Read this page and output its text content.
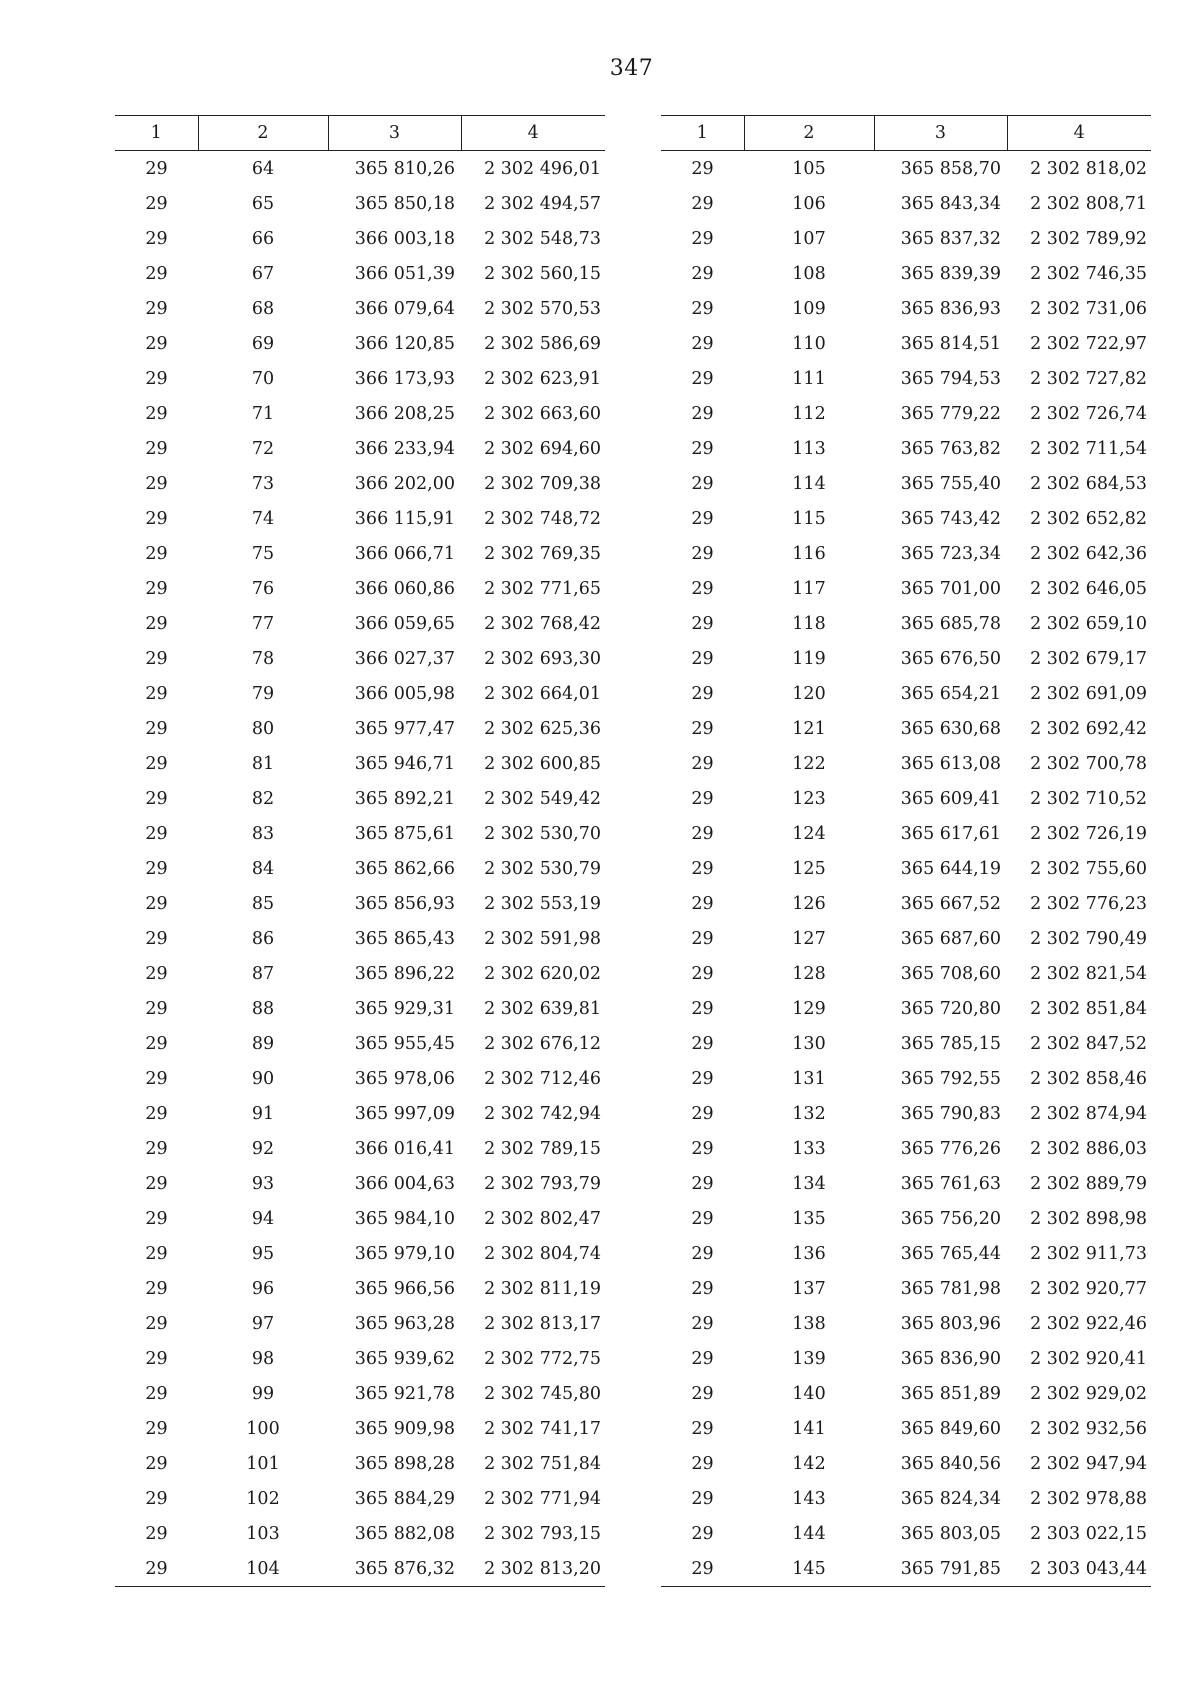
347
1	2	3	4
29	64	365 810,26	2 302 496,01
29	65	365 850,18	2 302 494,57
29	66	366 003,18	2 302 548,73
29	67	366 051,39	2 302 560,15
29	68	366 079,64	2 302 570,53
29	69	366 120,85	2 302 586,69
29	70	366 173,93	2 302 623,91
29	71	366 208,25	2 302 663,60
29	72	366 233,94	2 302 694,60
29	73	366 202,00	2 302 709,38
29	74	366 115,91	2 302 748,72
29	75	366 066,71	2 302 769,35
29	76	366 060,86	2 302 771,65
29	77	366 059,65	2 302 768,42
29	78	366 027,37	2 302 693,30
29	79	366 005,98	2 302 664,01
29	80	365 977,47	2 302 625,36
29	81	365 946,71	2 302 600,85
29	82	365 892,21	2 302 549,42
29	83	365 875,61	2 302 530,70
29	84	365 862,66	2 302 530,79
29	85	365 856,93	2 302 553,19
29	86	365 865,43	2 302 591,98
29	87	365 896,22	2 302 620,02
29	88	365 929,31	2 302 639,81
29	89	365 955,45	2 302 676,12
29	90	365 978,06	2 302 712,46
29	91	365 997,09	2 302 742,94
29	92	366 016,41	2 302 789,15
29	93	366 004,63	2 302 793,79
29	94	365 984,10	2 302 802,47
29	95	365 979,10	2 302 804,74
29	96	365 966,56	2 302 811,19
29	97	365 963,28	2 302 813,17
29	98	365 939,62	2 302 772,75
29	99	365 921,78	2 302 745,80
29	100	365 909,98	2 302 741,17
29	101	365 898,28	2 302 751,84
29	102	365 884,29	2 302 771,94
29	103	365 882,08	2 302 793,15
29	104	365 876,32	2 302 813,20
1	2	3	4
29	105	365 858,70	2 302 818,02
29	106	365 843,34	2 302 808,71
29	107	365 837,32	2 302 789,92
29	108	365 839,39	2 302 746,35
29	109	365 836,93	2 302 731,06
29	110	365 814,51	2 302 722,97
29	111	365 794,53	2 302 727,82
29	112	365 779,22	2 302 726,74
29	113	365 763,82	2 302 711,54
29	114	365 755,40	2 302 684,53
29	115	365 743,42	2 302 652,82
29	116	365 723,34	2 302 642,36
29	117	365 701,00	2 302 646,05
29	118	365 685,78	2 302 659,10
29	119	365 676,50	2 302 679,17
29	120	365 654,21	2 302 691,09
29	121	365 630,68	2 302 692,42
29	122	365 613,08	2 302 700,78
29	123	365 609,41	2 302 710,52
29	124	365 617,61	2 302 726,19
29	125	365 644,19	2 302 755,60
29	126	365 667,52	2 302 776,23
29	127	365 687,60	2 302 790,49
29	128	365 708,60	2 302 821,54
29	129	365 720,80	2 302 851,84
29	130	365 785,15	2 302 847,52
29	131	365 792,55	2 302 858,46
29	132	365 790,83	2 302 874,94
29	133	365 776,26	2 302 886,03
29	134	365 761,63	2 302 889,79
29	135	365 756,20	2 302 898,98
29	136	365 765,44	2 302 911,73
29	137	365 781,98	2 302 920,77
29	138	365 803,96	2 302 922,46
29	139	365 836,90	2 302 920,41
29	140	365 851,89	2 302 929,02
29	141	365 849,60	2 302 932,56
29	142	365 840,56	2 302 947,94
29	143	365 824,34	2 302 978,88
29	144	365 803,05	2 303 022,15
29	145	365 791,85	2 303 043,44
